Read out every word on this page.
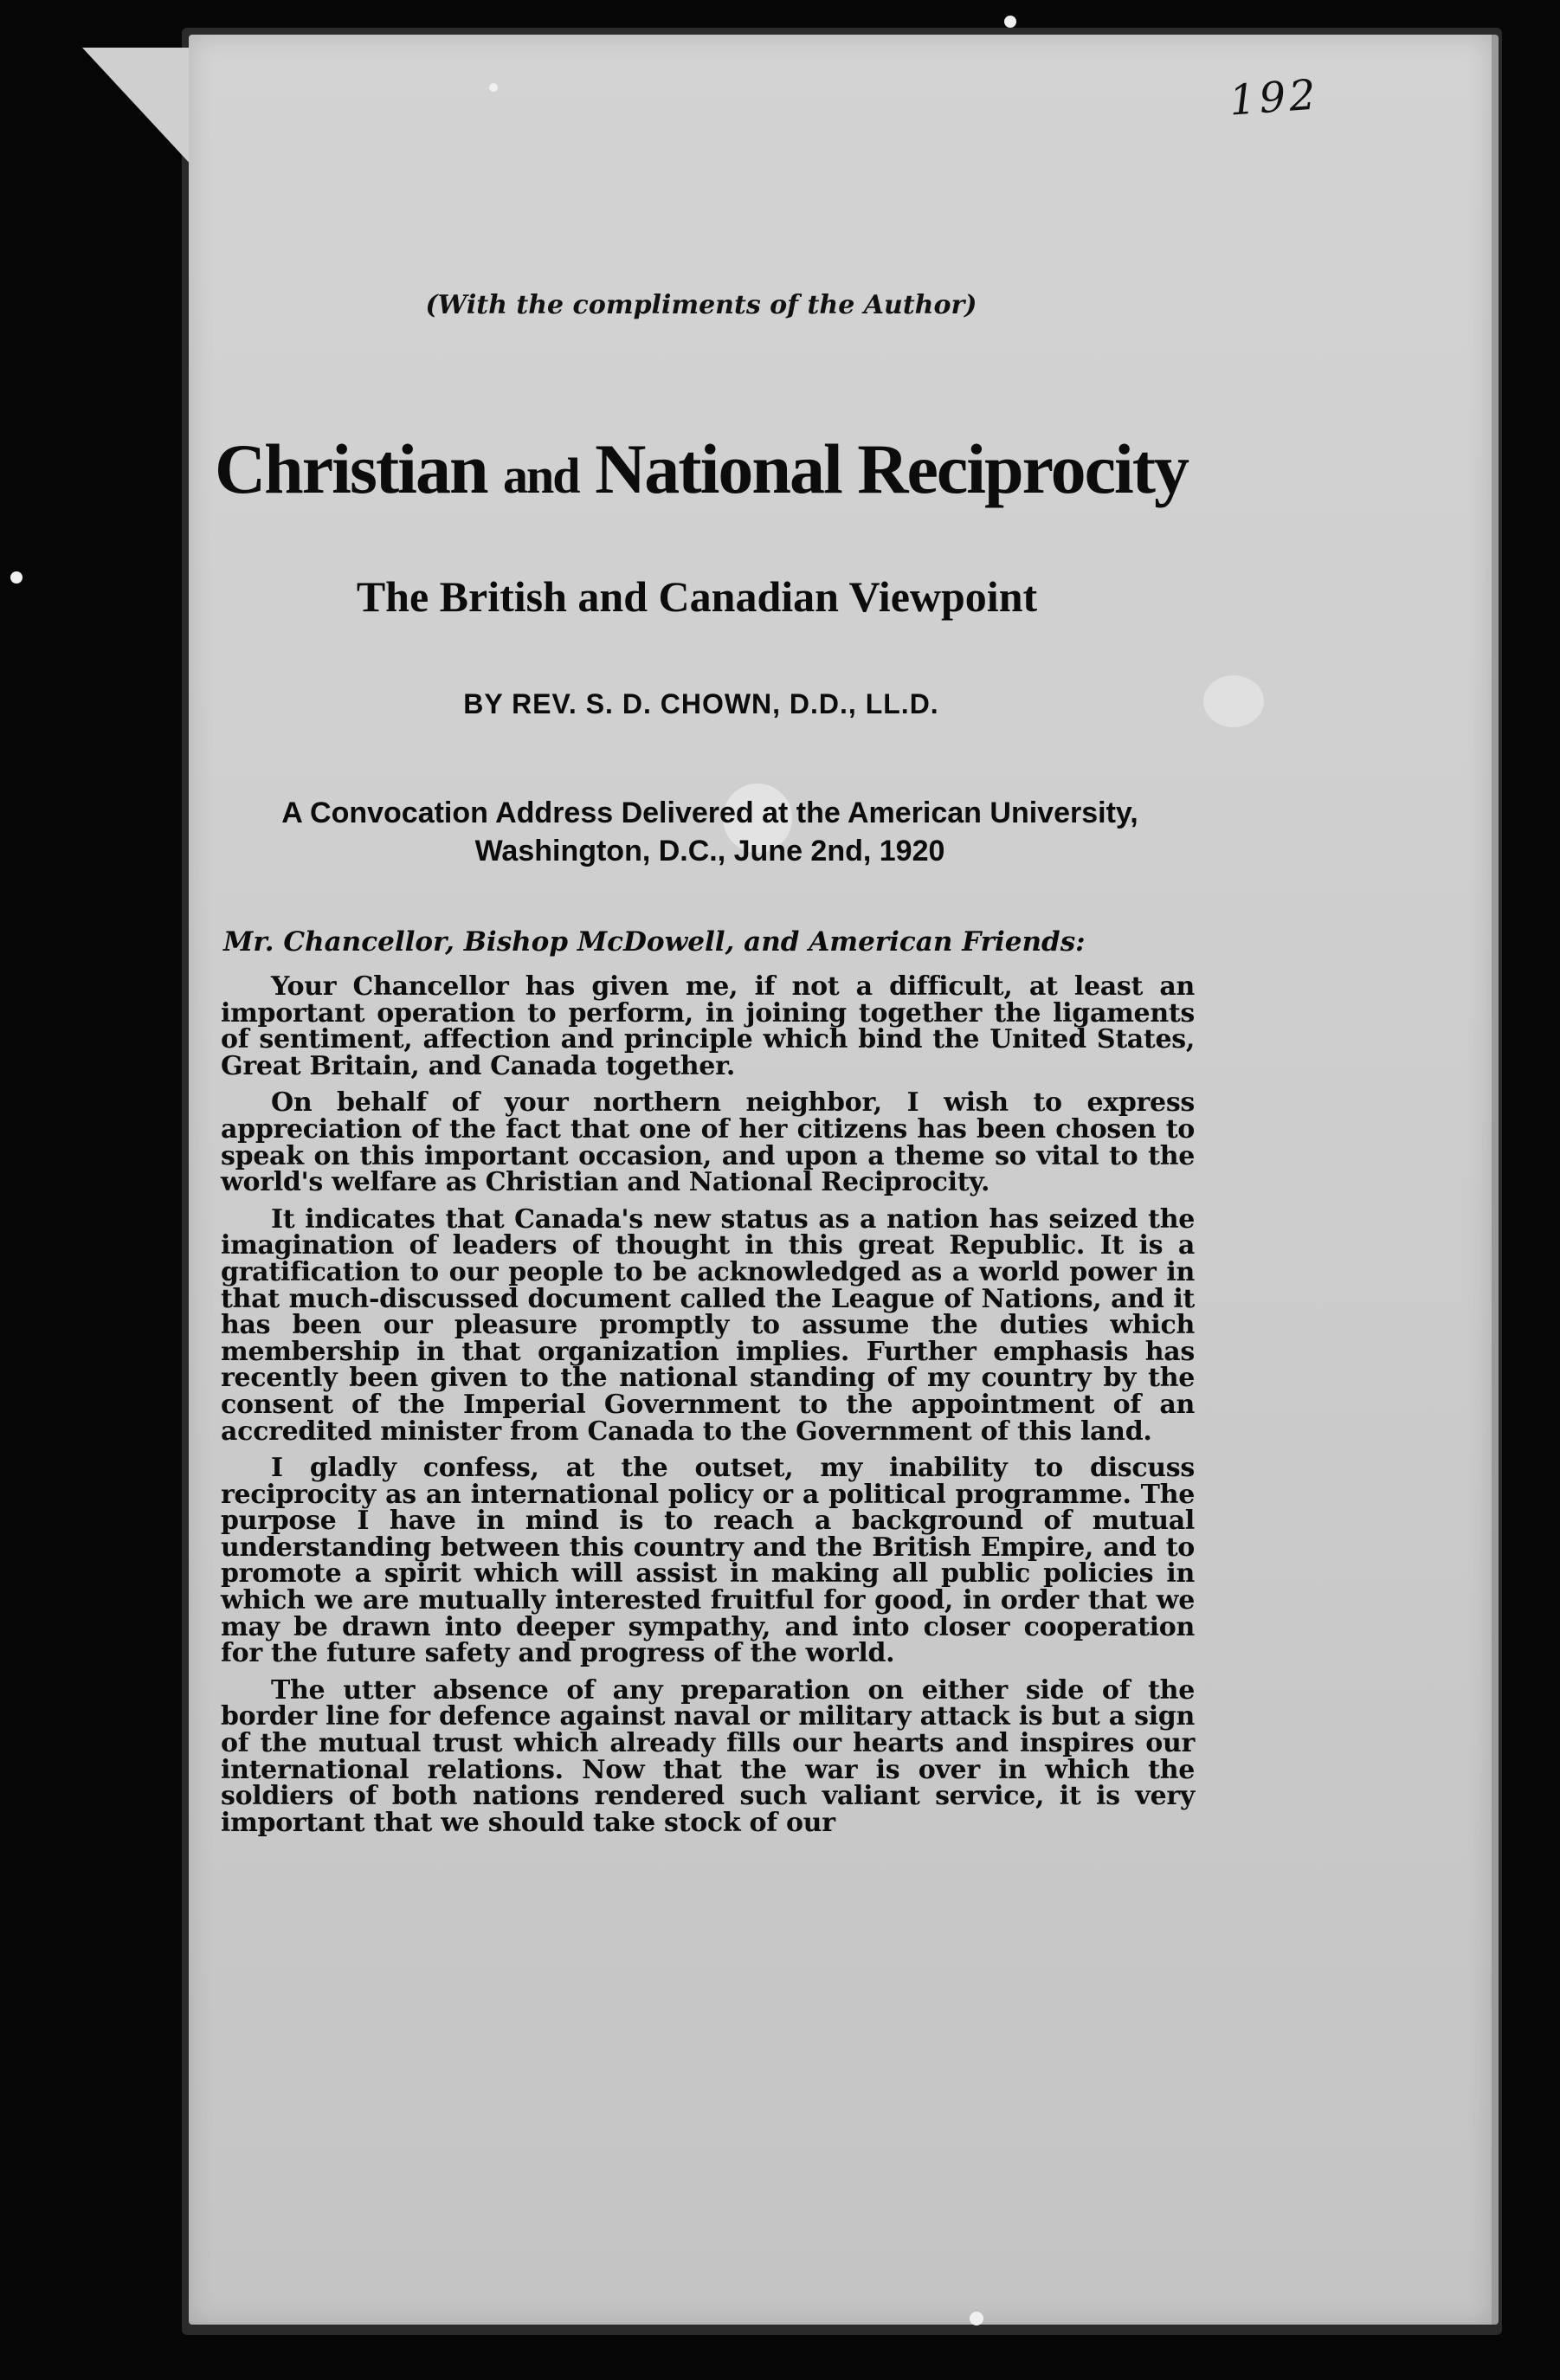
192
(With the compliments of the Author)
Christian and National Reciprocity
The British and Canadian Viewpoint
BY REV. S. D. CHOWN, D.D., LL.D.
A Convocation Address Delivered at the American University,
Washington, D.C., June 2nd, 1920
Mr. Chancellor, Bishop McDowell, and American Friends:

Your Chancellor has given me, if not a difficult, at least an important operation to perform, in joining together the ligaments of sentiment, affection and principle which bind the United States, Great Britain, and Canada together.

On behalf of your northern neighbor, I wish to express appreciation of the fact that one of her citizens has been chosen to speak on this important occasion, and upon a theme so vital to the world's welfare as Christian and National Reciprocity.

It indicates that Canada's new status as a nation has seized the imagination of leaders of thought in this great Republic. It is a gratification to our people to be acknowledged as a world power in that much-discussed document called the League of Nations, and it has been our pleasure promptly to assume the duties which membership in that organization implies. Further emphasis has recently been given to the national standing of my country by the consent of the Imperial Government to the appointment of an accredited minister from Canada to the Government of this land.

I gladly confess, at the outset, my inability to discuss reciprocity as an international policy or a political programme. The purpose I have in mind is to reach a background of mutual understanding between this country and the British Empire, and to promote a spirit which will assist in making all public policies in which we are mutually interested fruitful for good, in order that we may be drawn into deeper sympathy, and into closer cooperation for the future safety and progress of the world.

The utter absence of any preparation on either side of the border line for defence against naval or military attack is but a sign of the mutual trust which already fills our hearts and inspires our international relations. Now that the war is over in which the soldiers of both nations rendered such valiant service, it is very important that we should take stock of our
